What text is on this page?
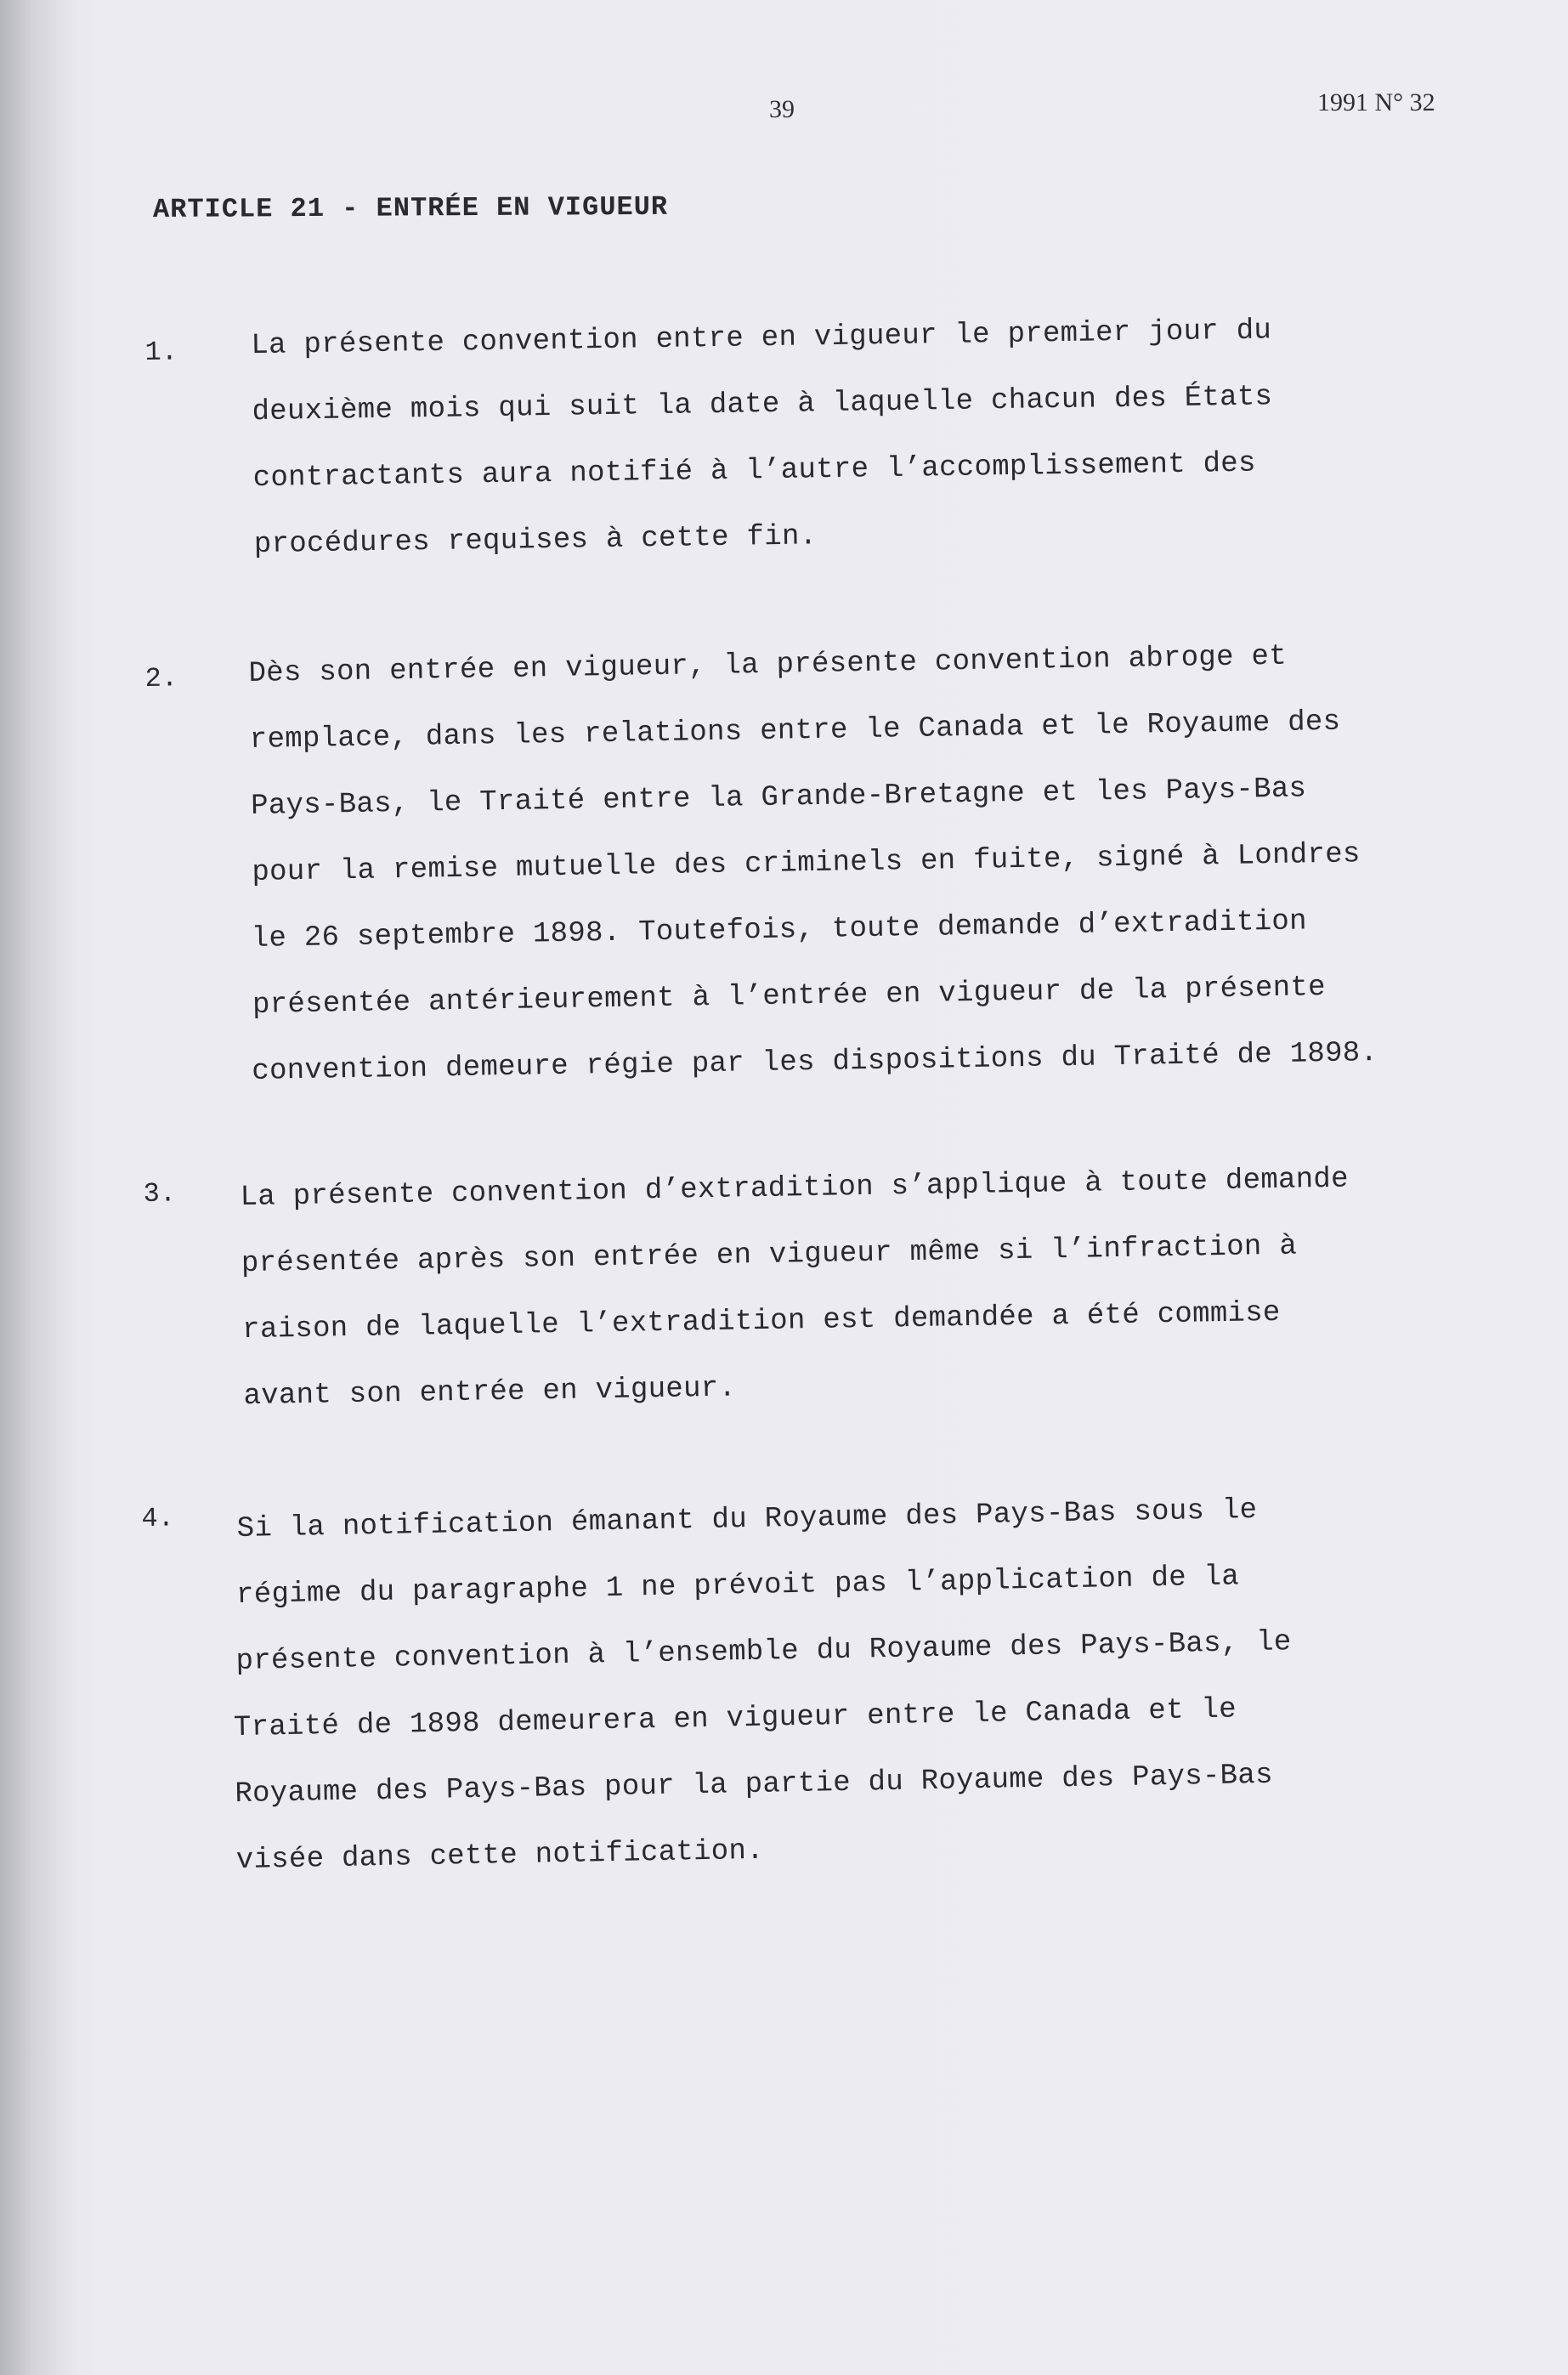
39	1991 N° 32
ARTICLE 21 - ENTRÉE EN VIGUEUR
1.	La présente convention entre en vigueur le premier jour du
deuxième mois qui suit la date à laquelle chacun des États
contractants aura notifié à l’autre l’accomplissement des
procédures requises à cette fin.
2. Dès son entrée en vigueur, la présente convention abroge et
remplace, dans les relations entre le Canada et le Royaume des
Pays-Bas, le Traité entre la Grande-Bretagne et les Pays-Bas
pour la remise mutuelle des criminels en fuite, signé à Londres
le 26 septembre 1898. Toutefois, toute demande d’extradition
présentée antérieurement à l’entrée en vigueur de la présente
convention demeure régie par les dispositions du Traité de 1898.
3. La présente convention d’extradition s’applique à toute demande
présentée après son entrée en vigueur même si l’infraction à
raison de laquelle l’extradition est demandée a été commise
avant son entrée en vigueur.
4. Si la notification émanant du Royaume des Pays-Bas sous le
régime du paragraphe 1 ne prévoit pas l’application de la
présente convention à l’ensemble du Royaume des Pays-Bas, le
Traité de 1898 demeurera en vigueur entre le Canada et le
Royaume des Pays-Bas pour la partie du Royaume des Pays-Bas
visée dans cette notification.
